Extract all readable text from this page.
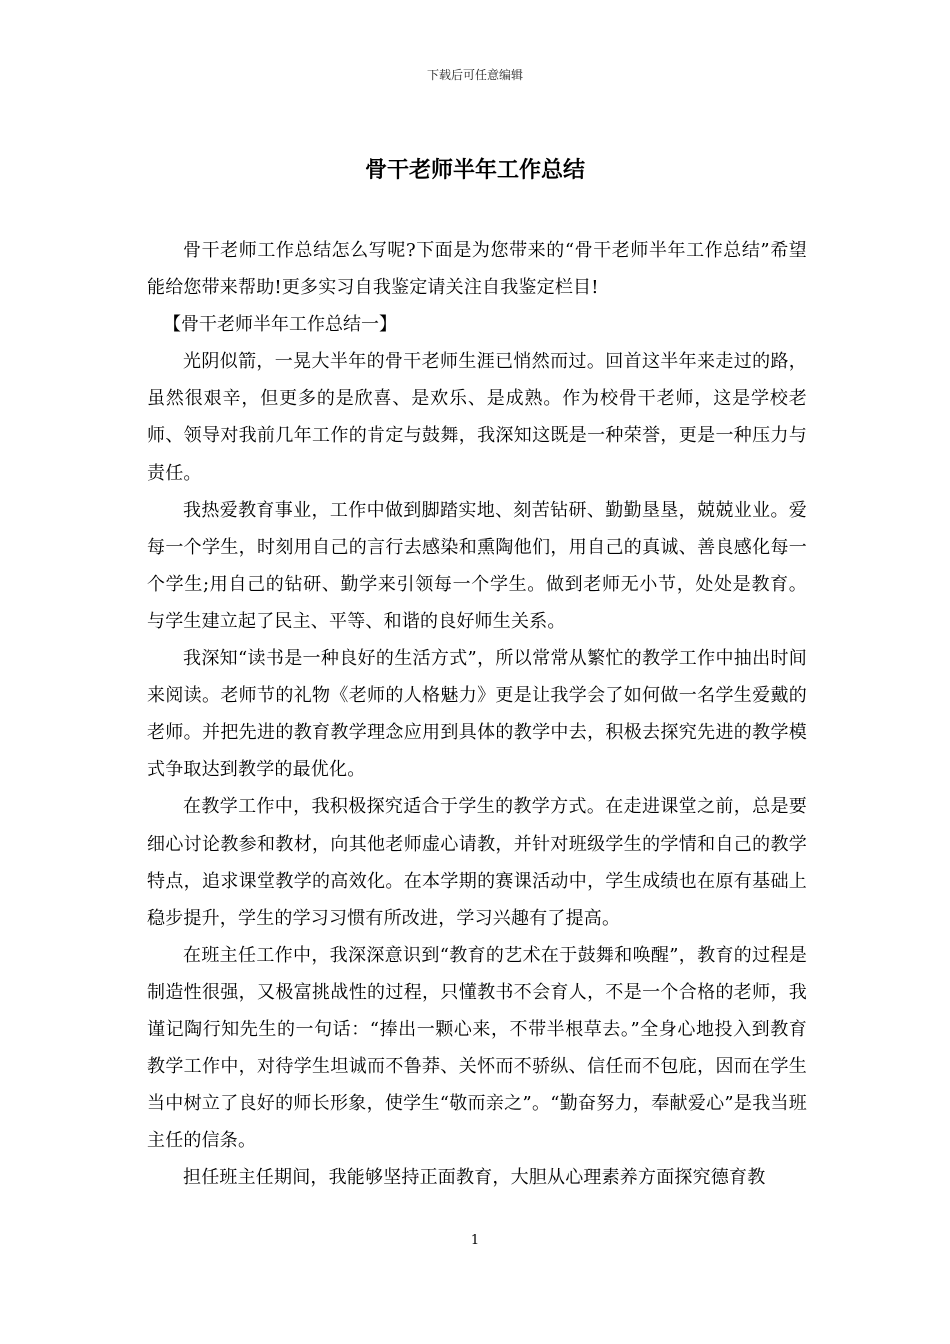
下载后可任意编辑
骨干老师半年工作总结

骨干老师工作总结怎么写呢?下面是为您带来的“骨干老师半年工作总结”希望能给您带来帮助!更多实习自我鉴定请关注自我鉴定栏目!

【骨干老师半年工作总结一】

光阴似箭，一晃大半年的骨干老师生涯已悄然而过。回首这半年来走过的路，虽然很艰辛，但更多的是欣喜、是欢乐、是成熟。作为校骨干老师，这是学校老师、领导对我前几年工作的肯定与鼓舞，我深知这既是一种荣誉，更是一种压力与责任。

我热爱教育事业，工作中做到脚踏实地、刻苦钻研、勤勤垦垦，兢兢业业。爱每一个学生，时刻用自己的言行去感染和熏陶他们，用自己的真诚、善良感化每一个学生;用自己的钻研、勤学来引领每一个学生。做到老师无小节，处处是教育。与学生建立起了民主、平等、和谐的良好师生关系。

我深知“读书是一种良好的生活方式”，所以常常从繁忙的教学工作中抽出时间来阅读。老师节的礼物《老师的人格魅力》更是让我学会了如何做一名学生爱戴的老师。并把先进的教育教学理念应用到具体的教学中去，积极去探究先进的教学模式争取达到教学的最优化。

在教学工作中，我积极探究适合于学生的教学方式。在走进课堂之前，总是要细心讨论教参和教材，向其他老师虚心请教，并针对班级学生的学情和自己的教学特点，追求课堂教学的高效化。在本学期的赛课活动中，学生成绩也在原有基础上稳步提升，学生的学习习惯有所改进，学习兴趣有了提高。

在班主任工作中，我深深意识到“教育的艺术在于鼓舞和唤醒”，教育的过程是制造性很强，又极富挑战性的过程，只懂教书不会育人，不是一个合格的老师，我谨记陶行知先生的一句话：“捧出一颗心来，不带半根草去。”全身心地投入到教育教学工作中，对待学生坦诚而不鲁莽、关怀而不骄纵、信任而不包庇，因而在学生当中树立了良好的师长形象，使学生“敬而亲之”。“勤奋努力，奉献爱心”是我当班主任的信条。

担任班主任期间，我能够坚持正面教育，大胆从心理素养方面探究德育教

1
